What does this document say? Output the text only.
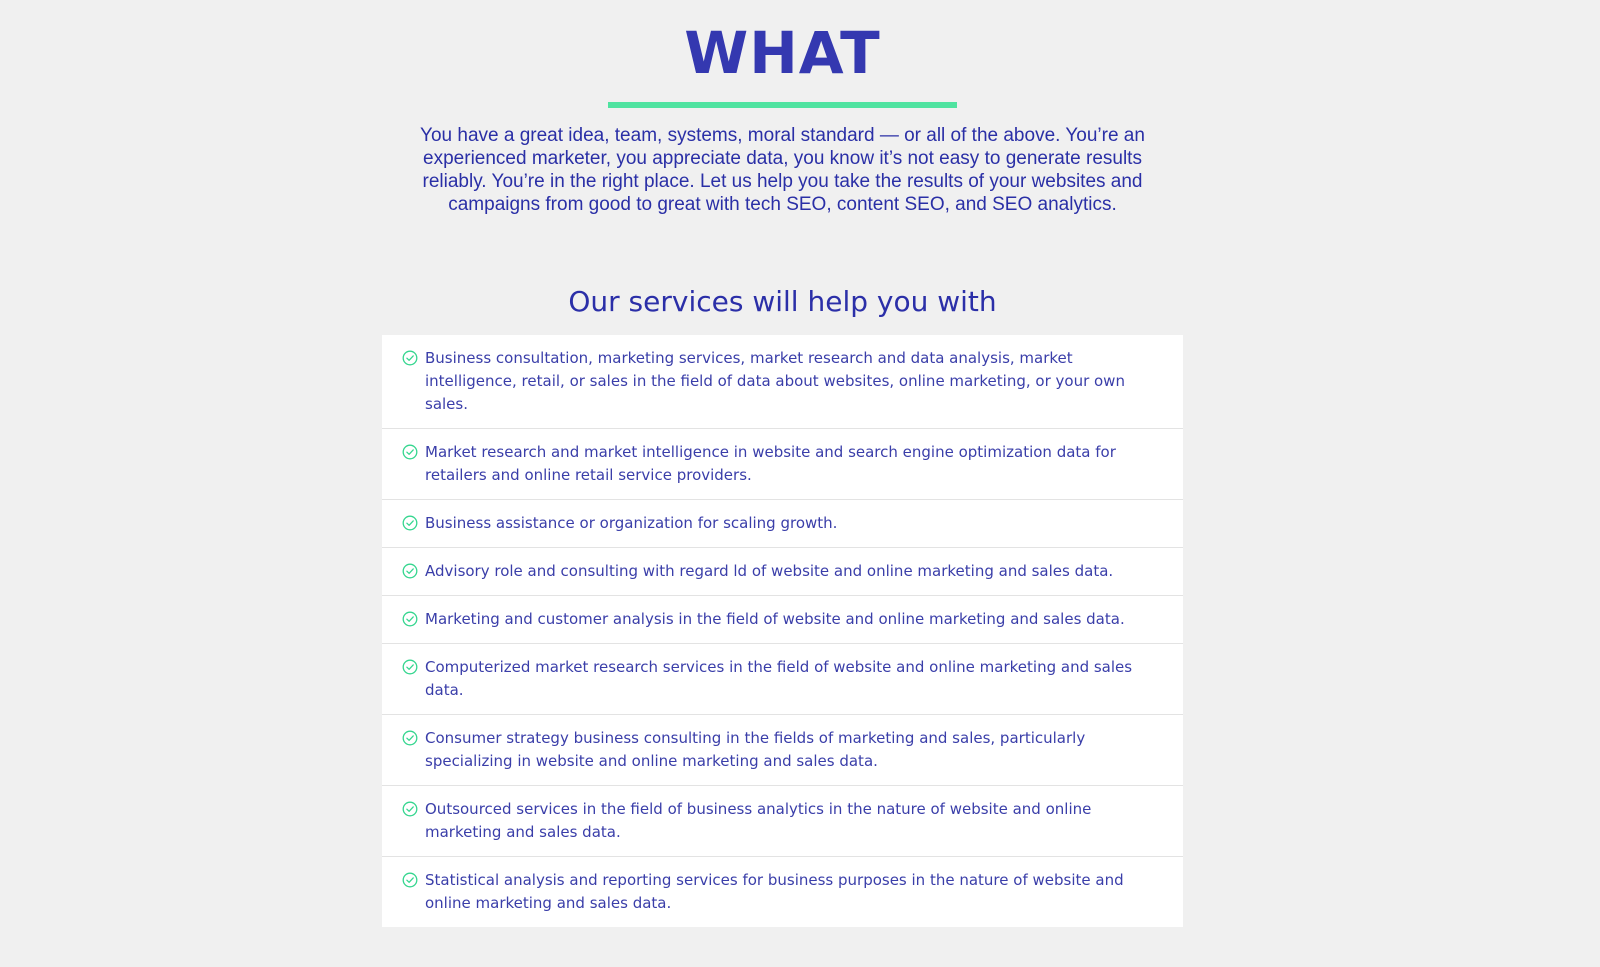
WHAT

You have a great idea, team, systems, moral standard — or all of the above. You’re an experienced marketer, you appreciate data, you know it’s not easy to generate results reliably. You’re in the right place. Let us help you take the results of your websites and campaigns from good to great with tech SEO, content SEO, and SEO analytics.

Our services will help you with
Business consultation, marketing services, market research and data analysis, market intelligence, retail, or sales in the field of data about websites, online marketing, or your own sales.
Market research and market intelligence in website and search engine optimization data for retailers and online retail service providers.
Business assistance or organization for scaling growth.
Advisory role and consulting with regard ld of website and online marketing and sales data.
Marketing and customer analysis in the field of website and online marketing and sales data.
Computerized market research services in the field of website and online marketing and sales data.
Consumer strategy business consulting in the fields of marketing and sales, particularly specializing in website and online marketing and sales data.
Outsourced services in the field of business analytics in the nature of website and online marketing and sales data.
Statistical analysis and reporting services for business purposes in the nature of website and online marketing and sales data.
